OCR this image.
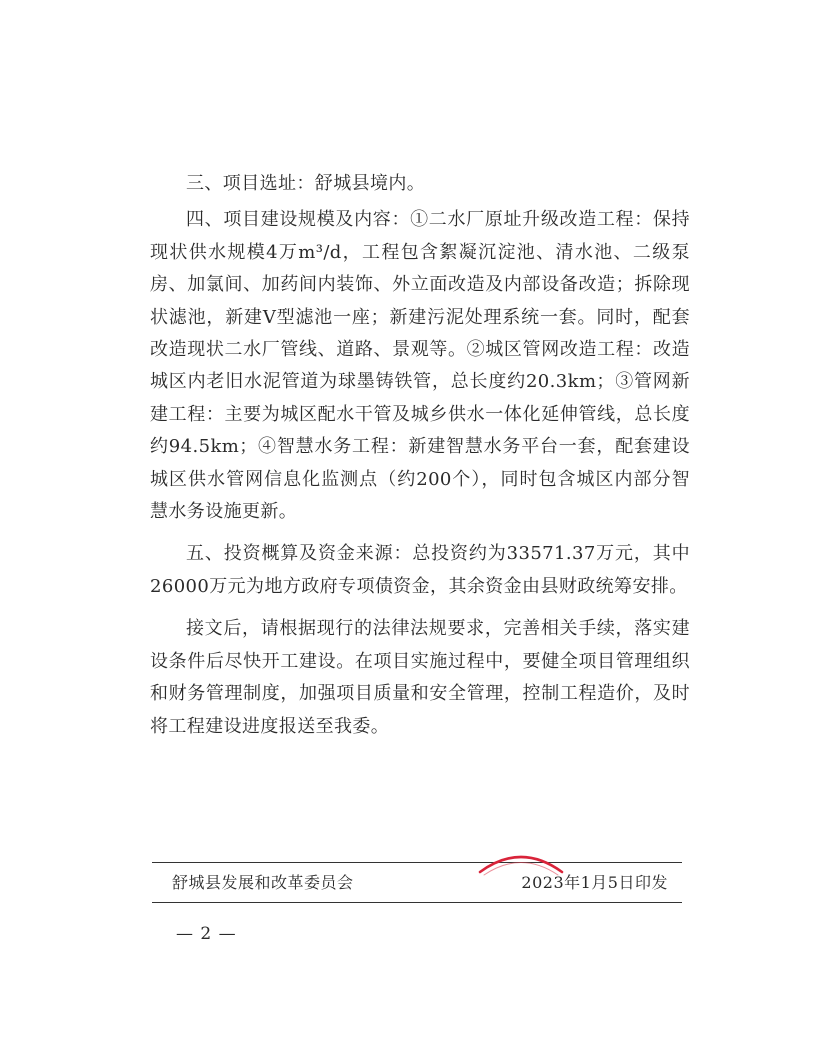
三、项目选址：舒城县境内。

四、项目建设规模及内容：①二水厂原址升级改造工程：保持现状供水规模4万m³/d，工程包含絮凝沉淀池、清水池、二级泵房、加氯间、加药间内装饰、外立面改造及内部设备改造；拆除现状滤池，新建V型滤池一座；新建污泥处理系统一套。同时，配套改造现状二水厂管线、道路、景观等。②城区管网改造工程：改造城区内老旧水泥管道为球墨铸铁管，总长度约20.3km；③管网新建工程：主要为城区配水干管及城乡供水一体化延伸管线，总长度约94.5km；④智慧水务工程：新建智慧水务平台一套，配套建设城区供水管网信息化监测点（约200个），同时包含城区内部分智慧水务设施更新。

五、投资概算及资金来源：总投资约为33571.37万元，其中26000万元为地方政府专项债资金，其余资金由县财政统筹安排。

接文后，请根据现行的法律法规要求，完善相关手续，落实建设条件后尽快开工建设。在项目实施过程中，要健全项目管理组织和财务管理制度，加强项目质量和安全管理，控制工程造价，及时将工程建设进度报送至我委。

舒城县发展和改革委员会	2023年1月5日印发
— 2 —
